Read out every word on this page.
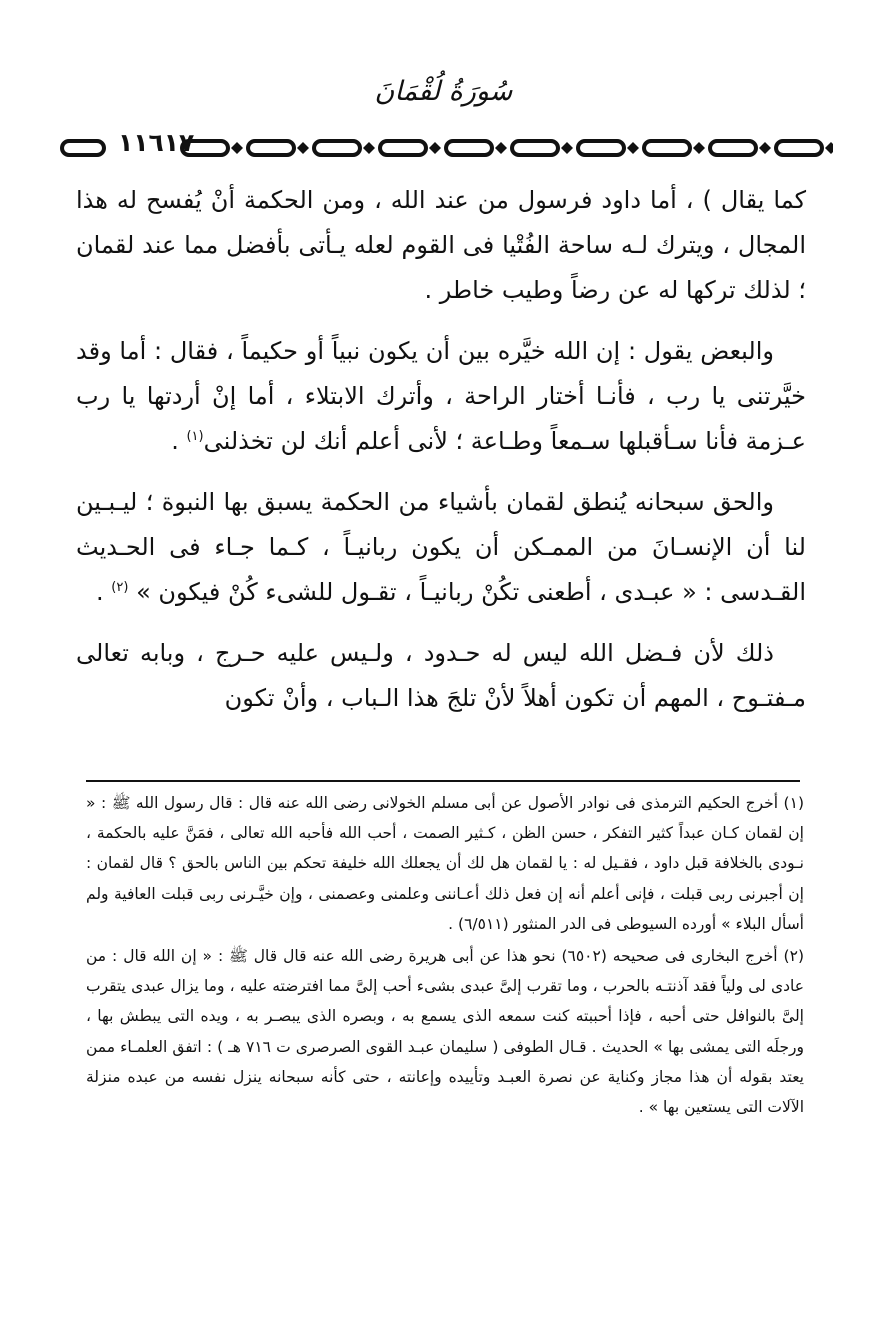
سُورَةُ لُقْمَانَ
١١٦١٧

كما يقال ) ، أما داود فرسول من عند الله ، ومن الحكمة أنْ يُفسح له هذا المجال ، ويترك لـه ساحة الفُتْيا فى القوم لعله يـأتى بأفضل مما عند لقمان ؛ لذلك تركها له عن رضاً وطيب خاطر .

والبعض يقول : إن الله خيَّره بين أن يكون نبياً أو حكيماً ، فقال : أما وقد خيَّرتنى يا رب ، فأنـا أختار الراحة ، وأترك الابتلاء ، أما إنْ أردتها يا رب عـزمة فأنا سـأقبلها سـمعاً وطـاعة ؛ لأنى أعلم أنك لن تخذلنى$^{(١)}$ .

والحق سبحانه يُنطق لقمان بأشياء من الحكمة يسبق بها النبوة ؛ ليـبـين لنا أن الإنسـانَ من الممـكن أن يكون ربانيـاً ، كـما جـاء فى الحـديث القـدسى : « عبـدى ، أطعنى تكُنْ ربانيـاً ، تقـول للشىء كُنْ فيكون » $^{(٢)}$ .

ذلك لأن فـضل الله ليس له حـدود ، ولـيس عليه حـرج ، وبابه تعالى مـفتـوح ، المهم أن تكون أهلاً لأنْ تلجَ هذا الـباب ، وأنْ تكون

(١) أخرج الحكيم الترمذى فى نوادر الأصول عن أبى مسلم الخولانى رضى الله عنه قال : قال رسول الله ﷺ : « إن لقمان كـان عبداً كثير التفكر ، حسن الظن ، كـثير الصمت ، أحب الله فأحبه الله تعالى ، فمَنَّ عليه بالحكمة ، نـودى بالخلافة قبل داود ، فقـيل له : يا لقمان هل لك أن يجعلك الله خليفة تحكم بين الناس بالحق ؟ قال لقمان : إن أجبرنى ربى قبلت ، فإنى أعلم أنه إن فعل ذلك أعـاننى وعلمنى وعصمنى ، وإن خيَّـرنى ربى قبلت العافية ولم أسأل البلاء » أورده السيوطى فى الدر المنثور (٦/٥١١) .
(٢) أخرج البخارى فى صحيحه (٦٥٠٢) نحو هذا عن أبى هريرة رضى الله عنه قال قال ﷺ : « إن الله قال : من عادى لى ولياً فقد آذنتـه بالحرب ، وما تقرب إلىَّ عبدى بشىء أحب إلىَّ مما افترضته عليه ، وما يزال عبدى يتقرب إلىَّ بالنوافل حتى أحبه ، فإذا أحببته كنت سمعه الذى يسمع به ، وبصره الذى يبصـر به ، ويده التى يبطش بها ، ورجلَه التى يمشى بها » الحديث . قـال الطوفى ( سليمان عبـد القوى الصرصرى ت ٧١٦ هـ ) : اتفق العلمـاء ممن يعتد بقوله أن هذا مجاز وكناية عن نصرة العبـد وتأييده وإعانته ، حتى كأنه سبحانه ينزل نفسه من عبده منزلة الآلات التى يستعين بها » .
